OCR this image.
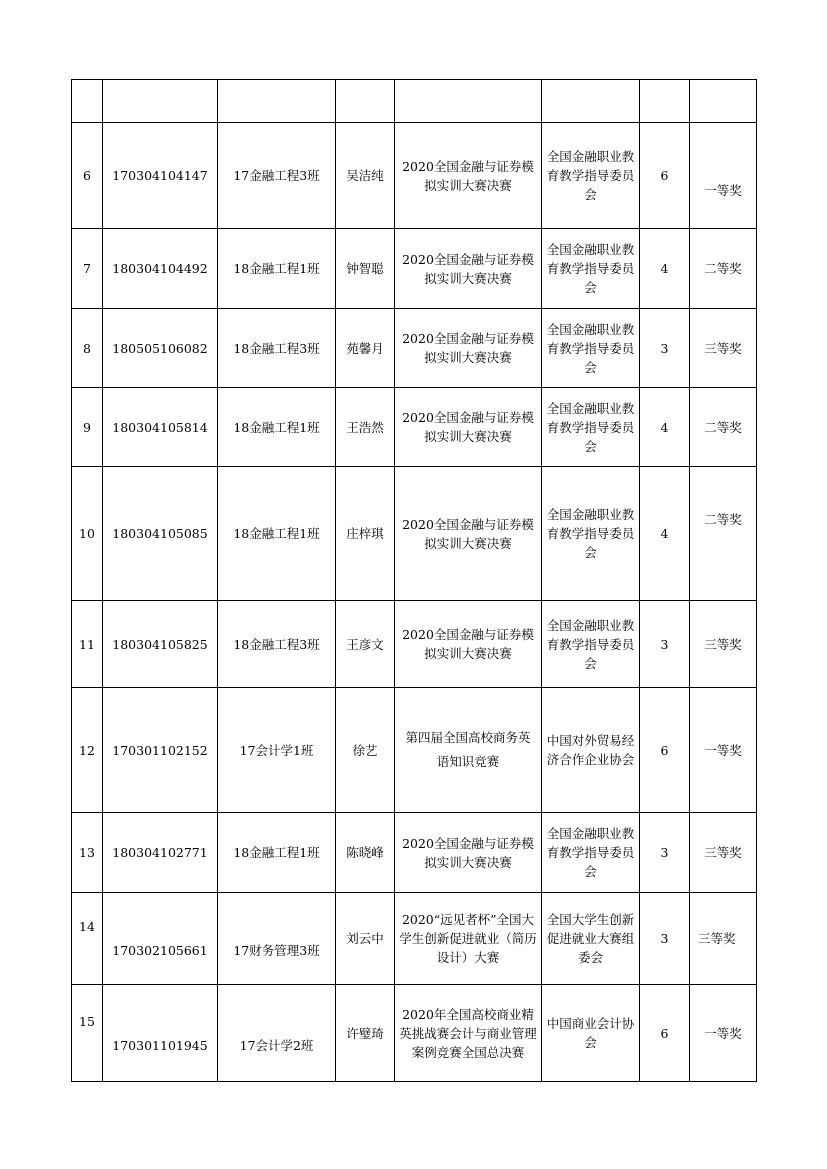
6	170304104147	17金融工程3班	吴洁纯	2020全国金融与证券模拟实训大赛决赛	全国金融职业教育教学指导委员会	6	一等奖
7	180304104492	18金融工程1班	钟智聪	2020全国金融与证券模拟实训大赛决赛	全国金融职业教育教学指导委员会	4	二等奖
8	180505106082	18金融工程3班	苑馨月	2020全国金融与证券模拟实训大赛决赛	全国金融职业教育教学指导委员会	3	三等奖
9	180304105814	18金融工程1班	王浩然	2020全国金融与证券模拟实训大赛决赛	全国金融职业教育教学指导委员会	4	二等奖
10	180304105085	18金融工程1班	庄梓琪	2020全国金融与证券模拟实训大赛决赛	全国金融职业教育教学指导委员会	4	二等奖
11	180304105825	18金融工程3班	王彦文	2020全国金融与证券模拟实训大赛决赛	全国金融职业教育教学指导委员会	3	三等奖
12	170301102152	17会计学1班	徐艺	第四届全国高校商务英语知识竞赛	中国对外贸易经济合作企业协会	6	一等奖
13	180304102771	18金融工程1班	陈晓峰	2020全国金融与证券模拟实训大赛决赛	全国金融职业教育教学指导委员会	3	三等奖
14	170302105661	17财务管理3班	刘云中	2020“远见者杯”全国大学生创新促进就业（简历设计）大赛	全国大学生创新促进就业大赛组委会	3	三等奖
15	170301101945	17会计学2班	许璧琦	2020年全国高校商业精英挑战赛会计与商业管理案例竞赛全国总决赛	中国商业会计协会	6	一等奖
